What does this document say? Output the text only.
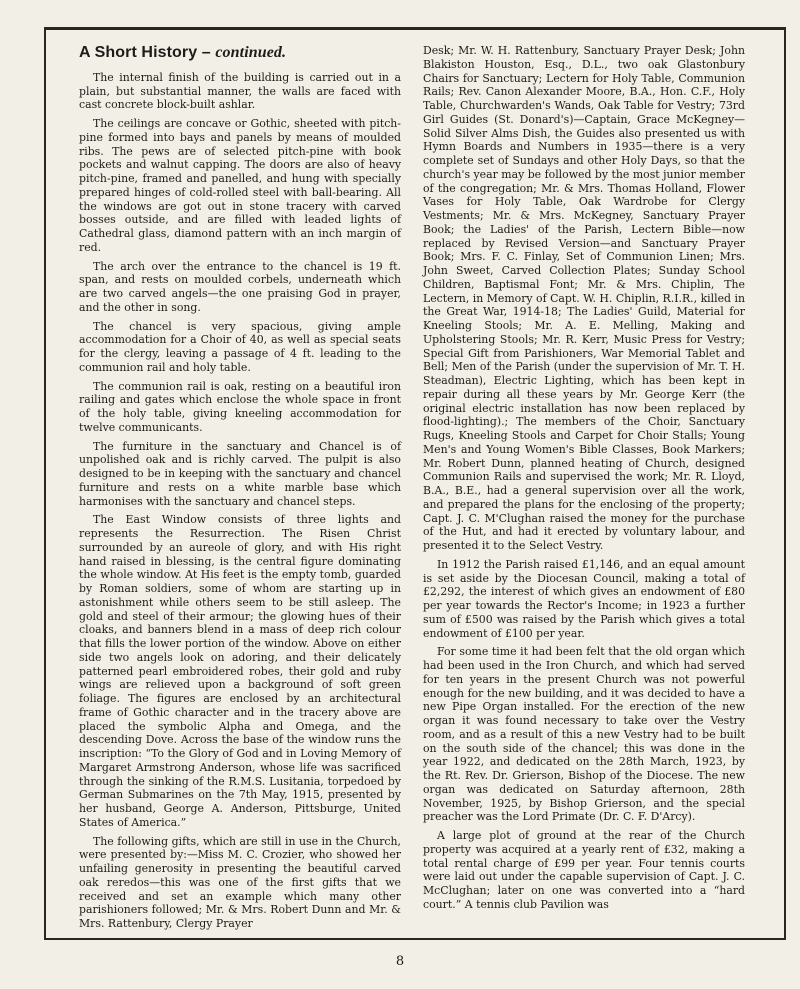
A Short History – continued.

The internal finish of the building is carried out in a plain, but substantial manner, the walls are faced with cast concrete block-built ashlar.

The ceilings are concave or Gothic, sheeted with pitch-pine formed into bays and panels by means of moulded ribs. The pews are of selected pitch-pine with book pockets and walnut capping. The doors are also of heavy pitch-pine, framed and panelled, and hung with specially prepared hinges of cold-rolled steel with ball-bearing. All the windows are got out in stone tracery with carved bosses outside, and are filled with leaded lights of Cathedral glass, diamond pattern with an inch margin of red.

The arch over the entrance to the chancel is 19 ft. span, and rests on moulded corbels, underneath which are two carved angels—the one praising God in prayer, and the other in song.

The chancel is very spacious, giving ample accommodation for a Choir of 40, as well as special seats for the clergy, leaving a passage of 4 ft. leading to the communion rail and holy table.

The communion rail is oak, resting on a beautiful iron railing and gates which enclose the whole space in front of the holy table, giving kneeling accommodation for twelve communicants.

The furniture in the sanctuary and Chancel is of unpolished oak and is richly carved. The pulpit is also designed to be in keeping with the sanctuary and chancel furniture and rests on a white marble base which harmonises with the sanctuary and chancel steps.

The East Window consists of three lights and represents the Resurrection. The Risen Christ surrounded by an aureole of glory, and with His right hand raised in blessing, is the central figure dominating the whole window. At His feet is the empty tomb, guarded by Roman soldiers, some of whom are starting up in astonishment while others seem to be still asleep. The gold and steel of their armour; the glowing hues of their cloaks, and banners blend in a mass of deep rich colour that fills the lower portion of the window. Above on either side two angels look on adoring, and their delicately patterned pearl embroidered robes, their gold and ruby wings are relieved upon a background of soft green foliage. The figures are enclosed by an architectural frame of Gothic character and in the tracery above are placed the symbolic Alpha and Omega, and the descending Dove. Across the base of the window runs the inscription: “To the Glory of God and in Loving Memory of Margaret Armstrong Anderson, whose life was sacrificed through the sinking of the R.M.S. Lusitania, torpedoed by German Submarines on the 7th May, 1915, presented by her husband, George A. Anderson, Pittsburge, United States of America.”

The following gifts, which are still in use in the Church, were presented by:—Miss M. C. Crozier, who showed her unfailing generosity in presenting the beautiful carved oak reredos—this was one of the first gifts that we received and set an example which many other parishioners followed; Mr. & Mrs. Robert Dunn and Mr. & Mrs. Rattenbury, Clergy Prayer

Desk; Mr. W. H. Rattenbury, Sanctuary Prayer Desk; John Blakiston Houston, Esq., D.L., two oak Glastonbury Chairs for Sanctuary; Lectern for Holy Table, Communion Rails; Rev. Canon Alexander Moore, B.A., Hon. C.F., Holy Table, Churchwarden's Wands, Oak Table for Vestry; 73rd Girl Guides (St. Donard's)—Captain, Grace McKegney—Solid Silver Alms Dish, the Guides also presented us with Hymn Boards and Numbers in 1935—there is a very complete set of Sundays and other Holy Days, so that the church's year may be followed by the most junior member of the congregation; Mr. & Mrs. Thomas Holland, Flower Vases for Holy Table, Oak Wardrobe for Clergy Vestments; Mr. & Mrs. McKegney, Sanctuary Prayer Book; the Ladies' of the Parish, Lectern Bible—now replaced by Revised Version—and Sanctuary Prayer Book; Mrs. F. C. Finlay, Set of Communion Linen; Mrs. John Sweet, Carved Collection Plates; Sunday School Children, Baptismal Font; Mr. & Mrs. Chiplin, The Lectern, in Memory of Capt. W. H. Chiplin, R.I.R., killed in the Great War, 1914-18; The Ladies' Guild, Material for Kneeling Stools; Mr. A. E. Melling, Making and Upholstering Stools; Mr. R. Kerr, Music Press for Vestry; Special Gift from Parishioners, War Memorial Tablet and Bell; Men of the Parish (under the supervision of Mr. T. H. Steadman), Electric Lighting, which has been kept in repair during all these years by Mr. George Kerr (the original electric installation has now been replaced by flood-lighting).; The members of the Choir, Sanctuary Rugs, Kneeling Stools and Carpet for Choir Stalls; Young Men's and Young Women's Bible Classes, Book Markers; Mr. Robert Dunn, planned heating of Church, designed Communion Rails and supervised the work; Mr. R. Lloyd, B.A., B.E., had a general supervision over all the work, and prepared the plans for the enclosing of the property; Capt. J. C. M'Clughan raised the money for the purchase of the Hut, and had it erected by voluntary labour, and presented it to the Select Vestry.

In 1912 the Parish raised £1,146, and an equal amount is set aside by the Diocesan Council, making a total of £2,292, the interest of which gives an endowment of £80 per year towards the Rector's Income; in 1923 a further sum of £500 was raised by the Parish which gives a total endowment of £100 per year.

For some time it had been felt that the old organ which had been used in the Iron Church, and which had served for ten years in the present Church was not powerful enough for the new building, and it was decided to have a new Pipe Organ installed. For the erection of the new organ it was found necessary to take over the Vestry room, and as a result of this a new Vestry had to be built on the south side of the chancel; this was done in the year 1922, and dedicated on the 28th March, 1923, by the Rt. Rev. Dr. Grierson, Bishop of the Diocese. The new organ was dedicated on Saturday afternoon, 28th November, 1925, by Bishop Grierson, and the special preacher was the Lord Primate (Dr. C. F. D'Arcy).

A large plot of ground at the rear of the Church property was acquired at a yearly rent of £32, making a total rental charge of £99 per year. Four tennis courts were laid out under the capable supervision of Capt. J. C. McClughan; later on one was converted into a “hard court.” A tennis club Pavilion was

8
